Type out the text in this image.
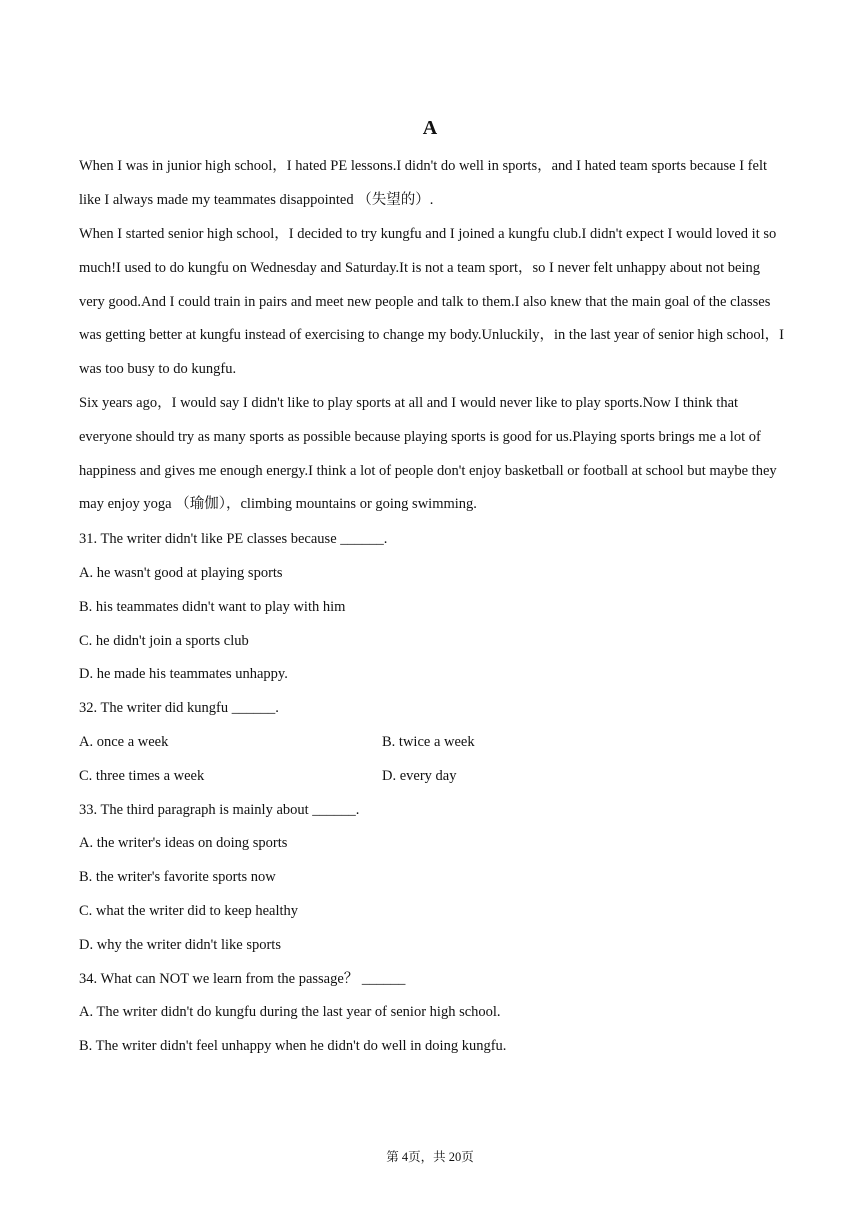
A

When I was in junior high school，I hated PE lessons.I didn't do well in sports，and I hated team sports because I felt like I always made my teammates disappointed （失望的）.

When I started senior high school，I decided to try kungfu and I joined a kungfu club.I didn't expect I would loved it so much!I used to do kungfu on Wednesday and Saturday.It is not a team sport，so I never felt unhappy about not being very good.And I could train in pairs and meet new people and talk to them.I also knew that the main goal of the classes was getting better at kungfu instead of exercising to change my body.Unluckily，in the last year of senior high school，I was too busy to do kungfu.

Six years ago，I would say I didn't like to play sports at all and I would never like to play sports.Now I think that everyone should try as many sports as possible because playing sports is good for us.Playing sports brings me a lot of happiness and gives me enough energy.I think a lot of people don't enjoy basketball or football at school but maybe they may enjoy yoga （瑜伽），climbing mountains or going swimming.

31. The writer didn't like PE classes because ______.
A. he wasn't good at playing sports
B. his teammates didn't want to play with him
C. he didn't join a sports club
D. he made his teammates unhappy.
32. The writer did kungfu ______.
A. once a week	B. twice a week
C. three times a week	D. every day
33. The third paragraph is mainly about ______.
A. the writer's ideas on doing sports
B. the writer's favorite sports now
C. what the writer did to keep healthy
D. why the writer didn't like sports
34. What can NOT we learn from the passage？ ______
A. The writer didn't do kungfu during the last year of senior high school.
B. The writer didn't feel unhappy when he didn't do well in doing kungfu.
第 4页，共 20页
